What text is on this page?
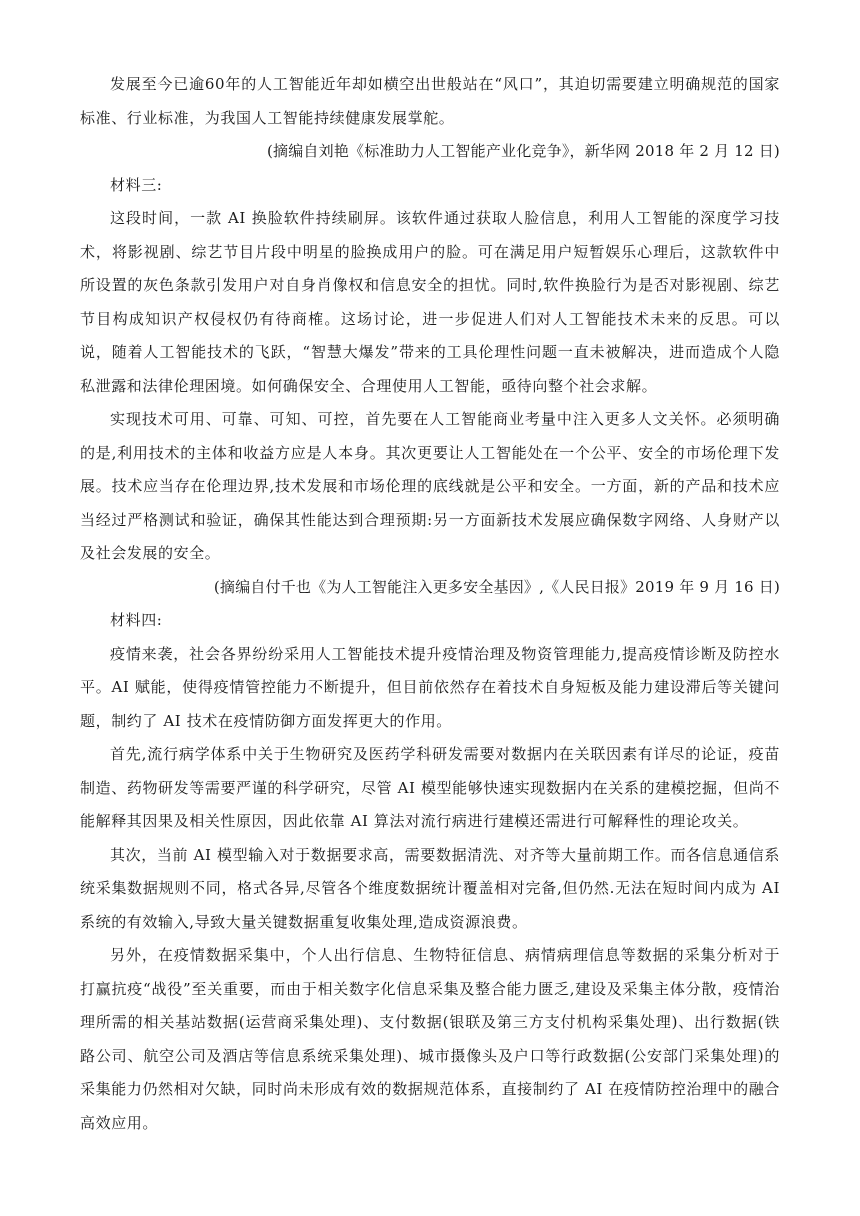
发展至今已逾60年的人工智能近年却如横空出世般站在“风口”，其迫切需要建立明确规范的国家标准、行业标准，为我国人工智能持续健康发展掌舵。

(摘编自刘艳《标准助力人工智能产业化竞争》，新华网 2018 年 2 月 12 日)

材料三:

这段时间，一款 AI 换脸软件持续刷屏。该软件通过获取人脸信息，利用人工智能的深度学习技术，将影视剧、综艺节目片段中明星的脸换成用户的脸。可在满足用户短暂娱乐心理后，这款软件中所设置的灰色条款引发用户对自身肖像权和信息安全的担忧。同时,软件换脸行为是否对影视剧、综艺节目构成知识产权侵权仍有待商榷。这场讨论，进一步促进人们对人工智能技术未来的反思。可以说，随着人工智能技术的飞跃，“智慧大爆发”带来的工具伦理性问题一直未被解决，进而造成个人隐私泄露和法律伦理困境。如何确保安全、合理使用人工智能，亟待向整个社会求解。

实现技术可用、可靠、可知、可控，首先要在人工智能商业考量中注入更多人文关怀。必须明确的是,利用技术的主体和收益方应是人本身。其次更要让人工智能处在一个公平、安全的市场伦理下发展。技术应当存在伦理边界,技术发展和市场伦理的底线就是公平和安全。一方面，新的产品和技术应当经过严格测试和验证，确保其性能达到合理预期:另一方面新技术发展应确保数字网络、人身财产以及社会发展的安全。

(摘编自付千也《为人工智能注入更多安全基因》,《人民日报》2019 年 9 月 16 日)

材料四:

疫情来袭，社会各界纷纷采用人工智能技术提升疫情治理及物资管理能力,提高疫情诊断及防控水平。AI 赋能，使得疫情管控能力不断提升，但目前依然存在着技术自身短板及能力建设滞后等关键问题，制约了 AI 技术在疫情防御方面发挥更大的作用。

首先,流行病学体系中关于生物研究及医药学科研发需要对数据内在关联因素有详尽的论证，疫苗制造、药物研发等需要严谨的科学研究，尽管 AI 模型能够快速实现数据内在关系的建模挖掘，但尚不能解释其因果及相关性原因，因此依靠 AI 算法对流行病进行建模还需进行可解释性的理论攻关。

其次，当前 AI 模型输入对于数据要求高，需要数据清洗、对齐等大量前期工作。而各信息通信系统采集数据规则不同，格式各异,尽管各个维度数据统计覆盖相对完备,但仍然.无法在短时间内成为 AI 系统的有效输入,导致大量关键数据重复收集处理,造成资源浪费。

另外，在疫情数据采集中，个人出行信息、生物特征信息、病情病理信息等数据的采集分析对于打赢抗疫“战役”至关重要，而由于相关数字化信息采集及整合能力匮乏,建设及采集主体分散，疫情治理所需的相关基站数据(运营商采集处理)、支付数据(银联及第三方支付机构采集处理)、出行数据(铁路公司、航空公司及酒店等信息系统采集处理)、城市摄像头及户口等行政数据(公安部门采集处理)的采集能力仍然相对欠缺，同时尚未形成有效的数据规范体系，直接制约了 AI 在疫情防控治理中的融合高效应用。
